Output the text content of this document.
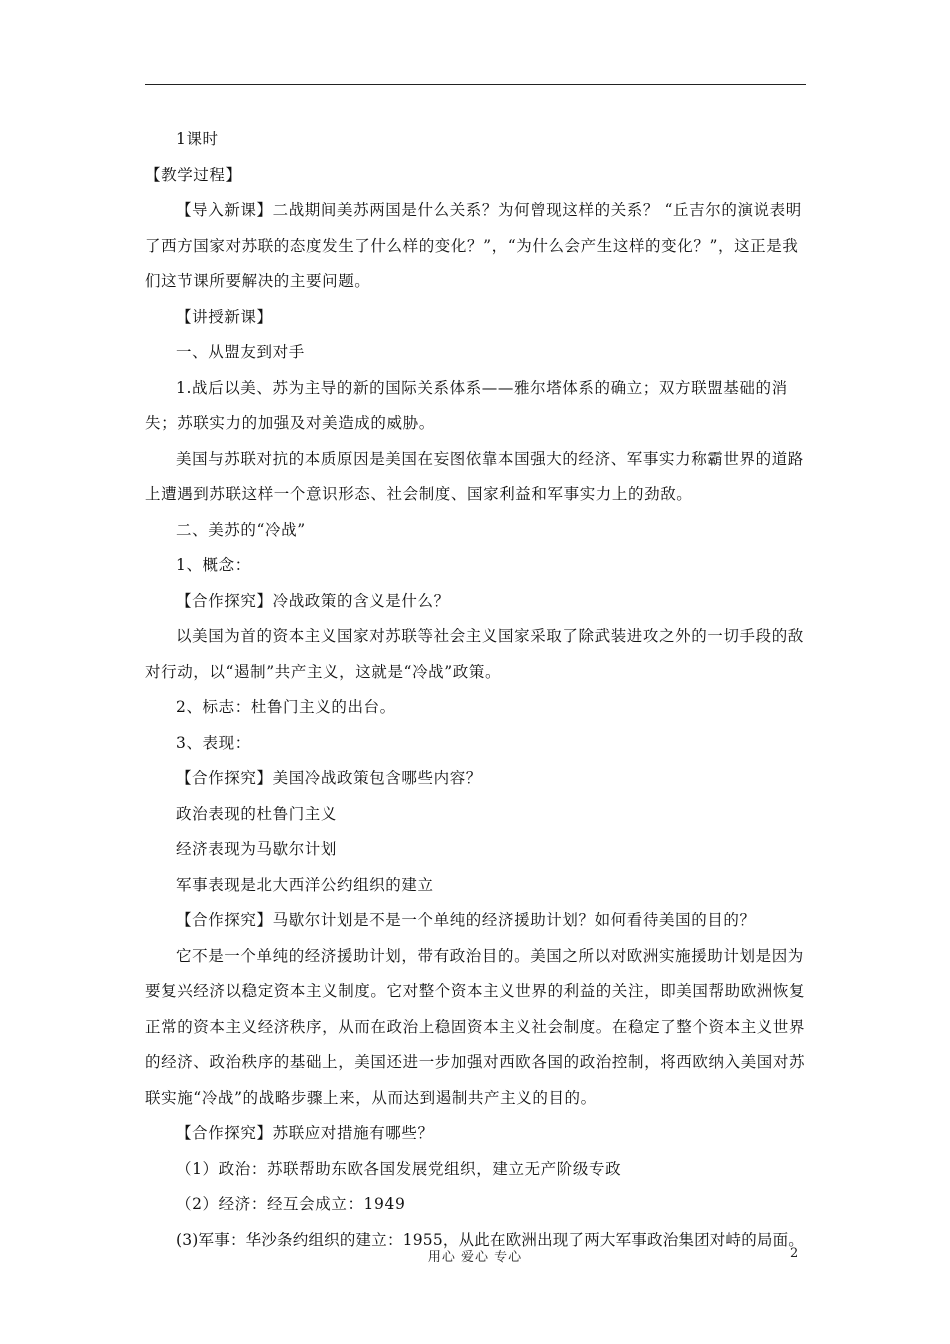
1课时

【教学过程】

【导入新课】二战期间美苏两国是什么关系？为何曾现这样的关系？ “丘吉尔的演说表明了西方国家对苏联的态度发生了什么样的变化？”，“为什么会产生这样的变化？”，这正是我们这节课所要解决的主要问题。

【讲授新课】

一、从盟友到对手

1.战后以美、苏为主导的新的国际关系体系——雅尔塔体系的确立；双方联盟基础的消失；苏联实力的加强及对美造成的威胁。

美国与苏联对抗的本质原因是美国在妄图依靠本国强大的经济、军事实力称霸世界的道路上遭遇到苏联这样一个意识形态、社会制度、国家利益和军事实力上的劲敌。

二、美苏的“冷战”

1、概念：

【合作探究】冷战政策的含义是什么？

以美国为首的资本主义国家对苏联等社会主义国家采取了除武装进攻之外的一切手段的敌对行动，以“遏制”共产主义，这就是“冷战”政策。

2、标志：杜鲁门主义的出台。

3、表现：

【合作探究】美国冷战政策包含哪些内容？

政治表现的杜鲁门主义

经济表现为马歇尔计划

军事表现是北大西洋公约组织的建立

【合作探究】马歇尔计划是不是一个单纯的经济援助计划？如何看待美国的目的？

它不是一个单纯的经济援助计划，带有政治目的。美国之所以对欧洲实施援助计划是因为要复兴经济以稳定资本主义制度。它对整个资本主义世界的利益的关注，即美国帮助欧洲恢复正常的资本主义经济秩序，从而在政治上稳固资本主义社会制度。在稳定了整个资本主义世界的经济、政治秩序的基础上，美国还进一步加强对西欧各国的政治控制，将西欧纳入美国对苏联实施“冷战”的战略步骤上来，从而达到遏制共产主义的目的。

【合作探究】苏联应对措施有哪些？

（1）政治：苏联帮助东欧各国发展党组织，建立无产阶级专政

（2）经济：经互会成立：1949

(3)军事：华沙条约组织的建立：1955，从此在欧洲出现了两大军事政治集团对峙的局面。

用心 爱心 专心	2
